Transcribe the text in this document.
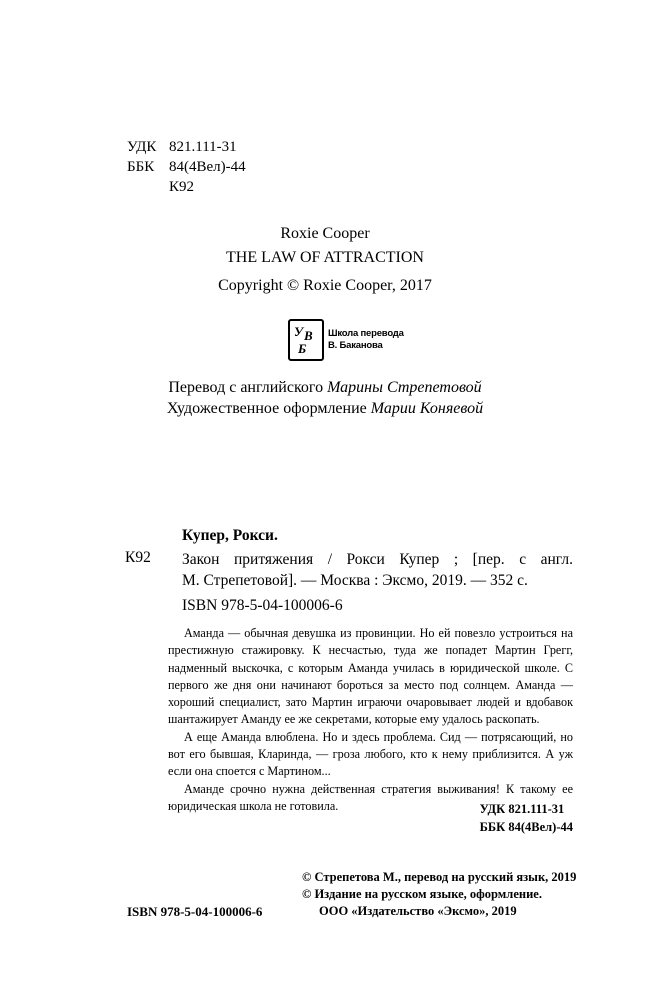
УДК 821.111-31
ББК 84(4Вел)-44
К92
Roxie Cooper
THE LAW OF ATTRACTION
Copyright © Roxie Cooper, 2017
У В
Б
Школа перевода
В. Баканова
Перевод с английского Марины Стрепетовой
Художественное оформление Марии Коняевой
Купер, Рокси.
К92 Закон притяжения / Рокси Купер ; [пер. с англ.
М. Стрепетовой]. — Москва : Эксмо, 2019. — 352 с.
ISBN 978-5-04-100006-6

Аманда — обычная девушка из провинции. Но ей повезло устроиться на престижную стажировку. К несчастью, туда же попадет Мартин Грегг, надменный выскочка, с которым Аманда училась в юридической школе. С первого же дня они начинают бороться за место под солнцем. Аманда — хороший специалист, зато Мартин играючи очаровывает людей и вдобавок шантажирует Аманду ее же секретами, которые ему удалось раскопать.

А еще Аманда влюблена. Но и здесь проблема. Сид — потрясающий, но вот его бывшая, Кларинда, — гроза любого, кто к нему приблизится. А уж если она споется с Мартином...

Аманде срочно нужна действенная стратегия выживания! К такому ее юридическая школа не готовила.	УДК 821.111-31
ББК 84(4Вел)-44
© Стрепетова М., перевод на русский язык, 2019
© Издание на русском языке, оформление.
ООО «Издательство «Эксмо», 2019
ISBN 978-5-04-100006-6
